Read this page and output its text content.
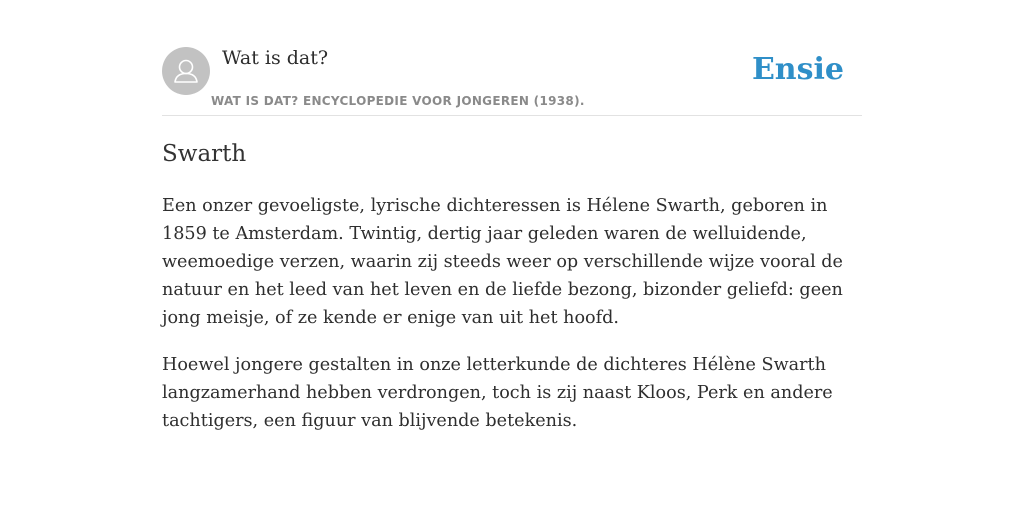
Wat is dat?
WAT IS DAT? ENCYCLOPEDIE VOOR JONGEREN (1938).
Ensie
Swarth

Een onzer gevoeligste, lyrische dichteressen is Hélene Swarth, geboren in 1859 te Amsterdam. Twintig, dertig jaar geleden waren de welluidende, weemoedige verzen, waarin zij steeds weer op verschillende wijze vooral de natuur en het leed van het leven en de liefde bezong, bizonder geliefd: geen jong meisje, of ze kende er enige van uit het hoofd.

Hoewel jongere gestalten in onze letterkunde de dichteres Hélène Swarth langzamerhand hebben verdrongen, toch is zij naast Kloos, Perk en andere tachtigers, een figuur van blijvende betekenis.
